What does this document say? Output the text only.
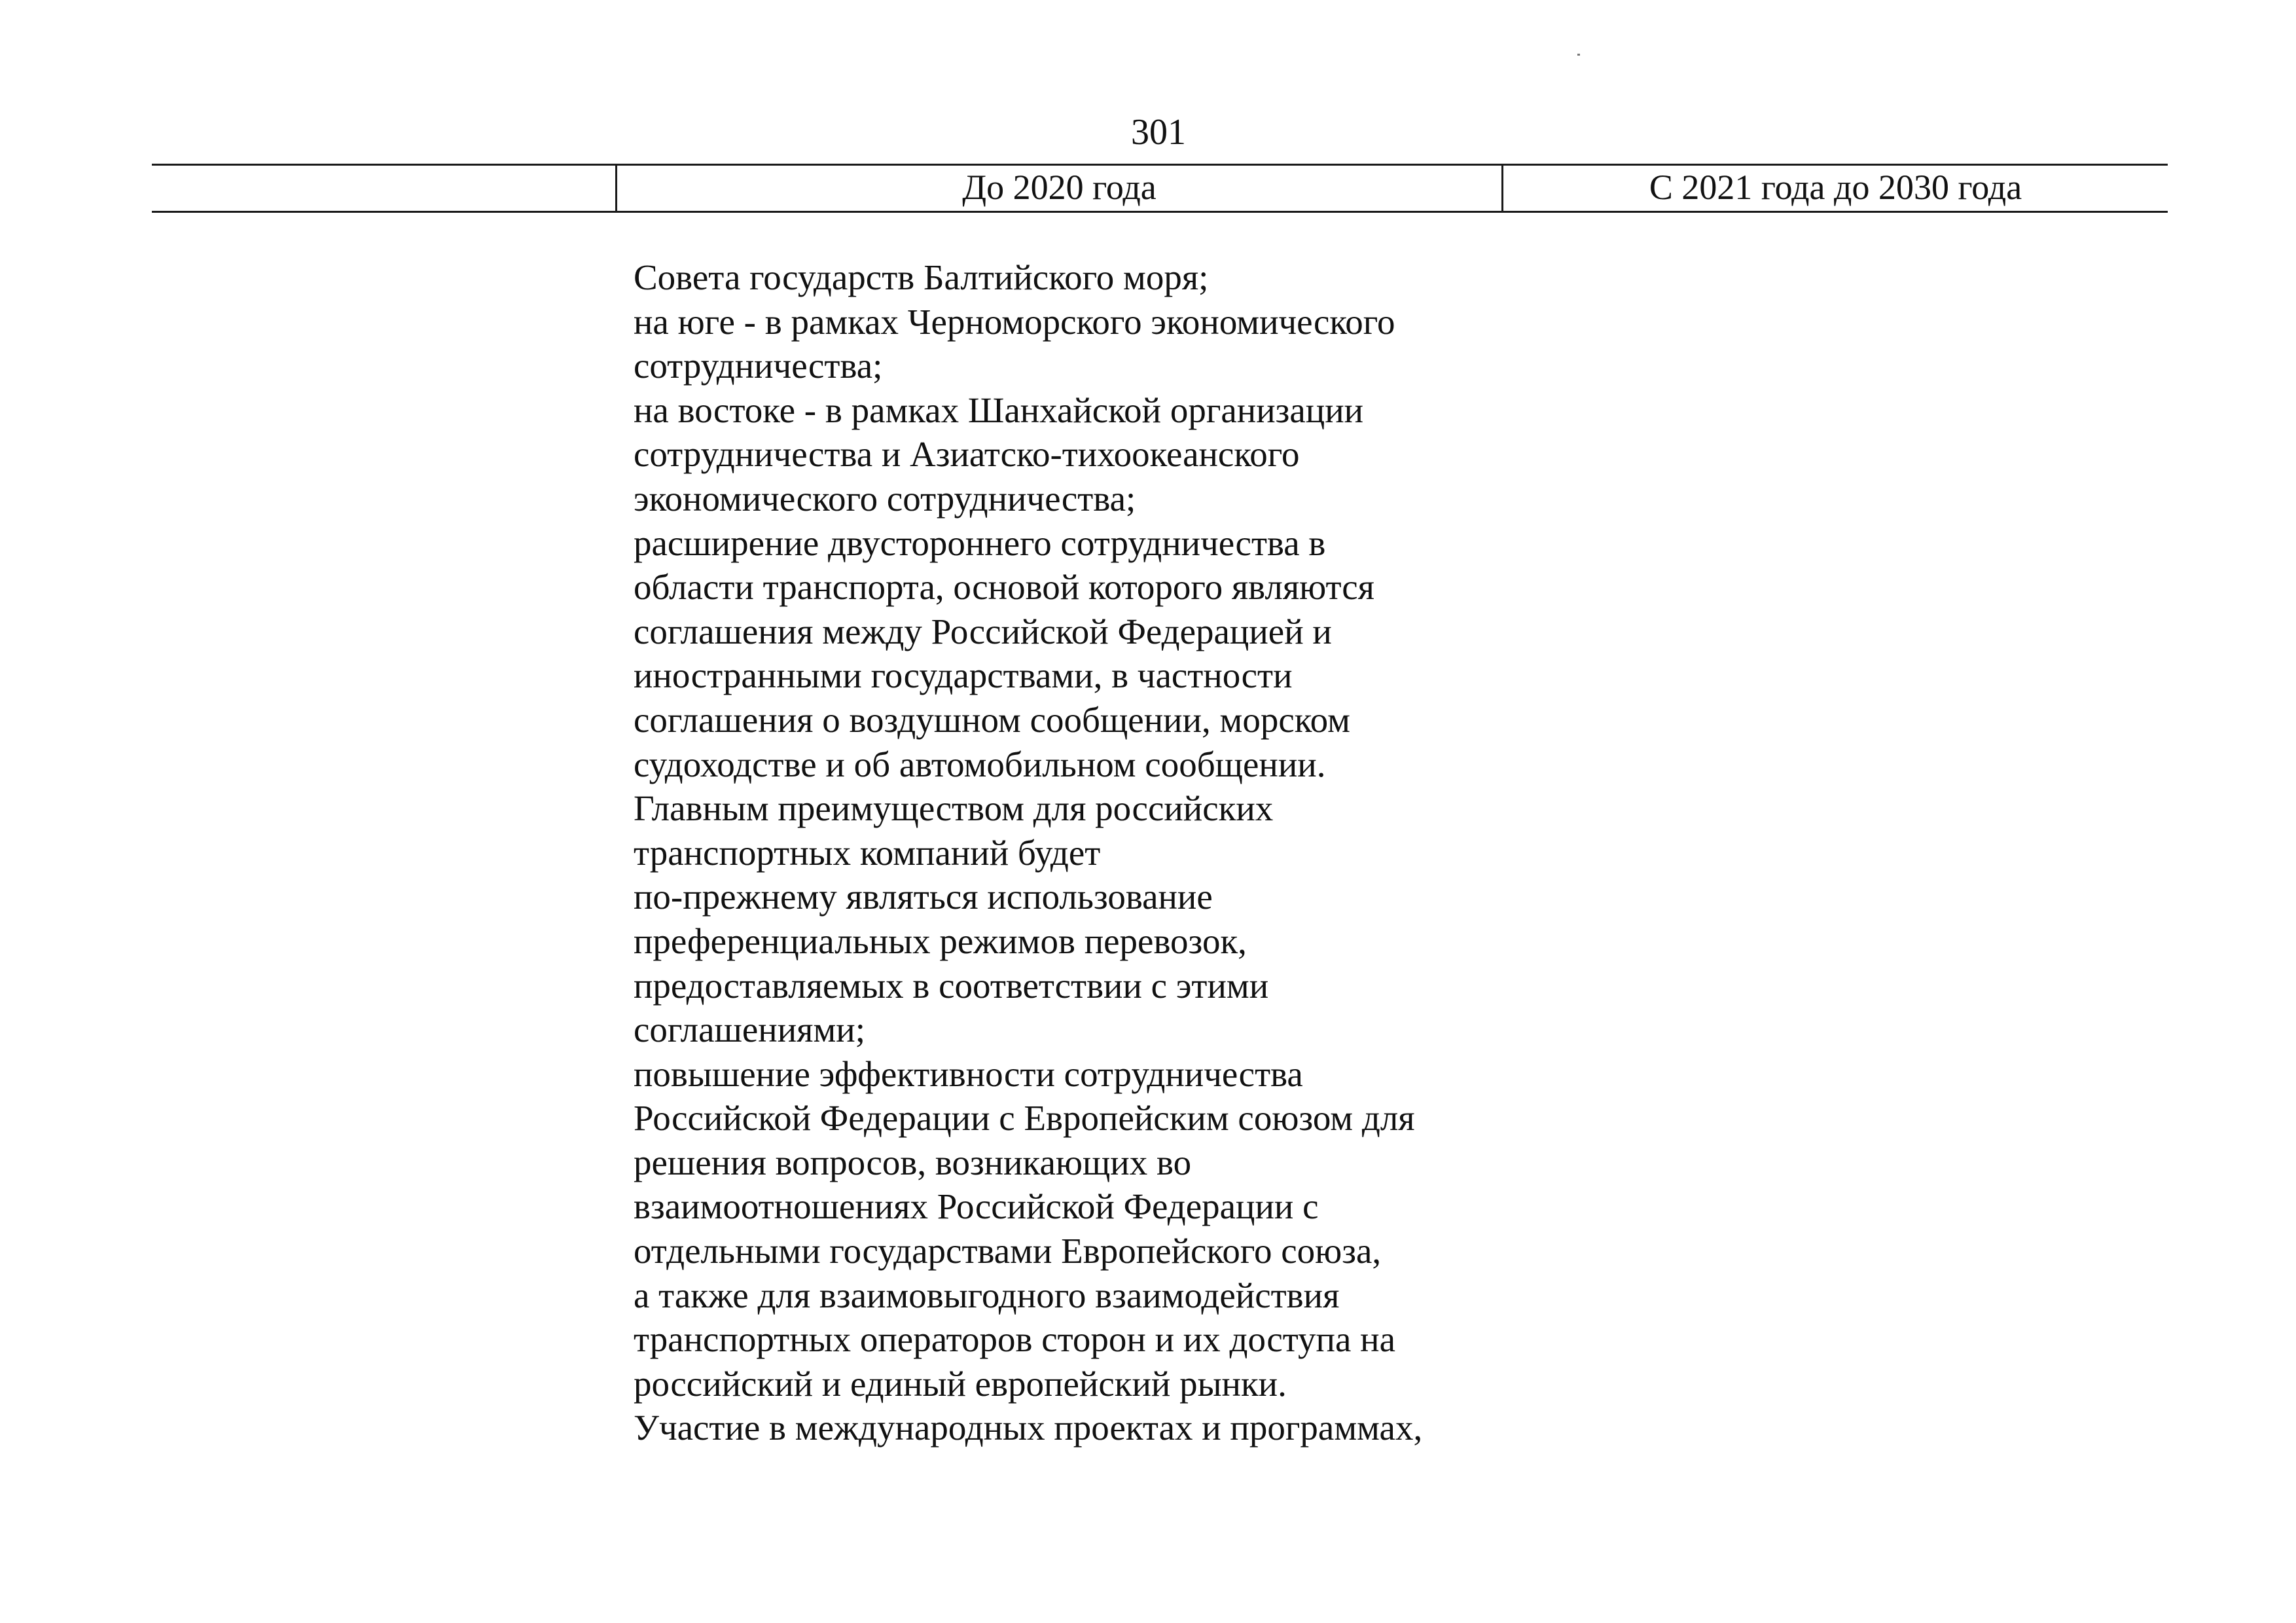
301
До 2020 года	С 2021 года до 2030 года
Совета государств Балтийского моря;
на юге - в рамках Черноморского экономического
сотрудничества;
на востоке - в рамках Шанхайской организации
сотрудничества и Азиатско-тихоокеанского
экономического сотрудничества;
расширение двустороннего сотрудничества в
области транспорта, основой которого являются
соглашения между Российской Федерацией и
иностранными государствами, в частности
соглашения о воздушном сообщении, морском
судоходстве и об автомобильном сообщении.
Главным преимуществом для российских
транспортных компаний будет
по-прежнему являться использование
преференциальных режимов перевозок,
предоставляемых в соответствии с этими
соглашениями;
повышение эффективности сотрудничества
Российской Федерации с Европейским союзом для
решения вопросов, возникающих во
взаимоотношениях Российской Федерации с
отдельными государствами Европейского союза,
а также для взаимовыгодного взаимодействия
транспортных операторов сторон и их доступа на
российский и единый европейский рынки.
Участие в международных проектах и программах,
